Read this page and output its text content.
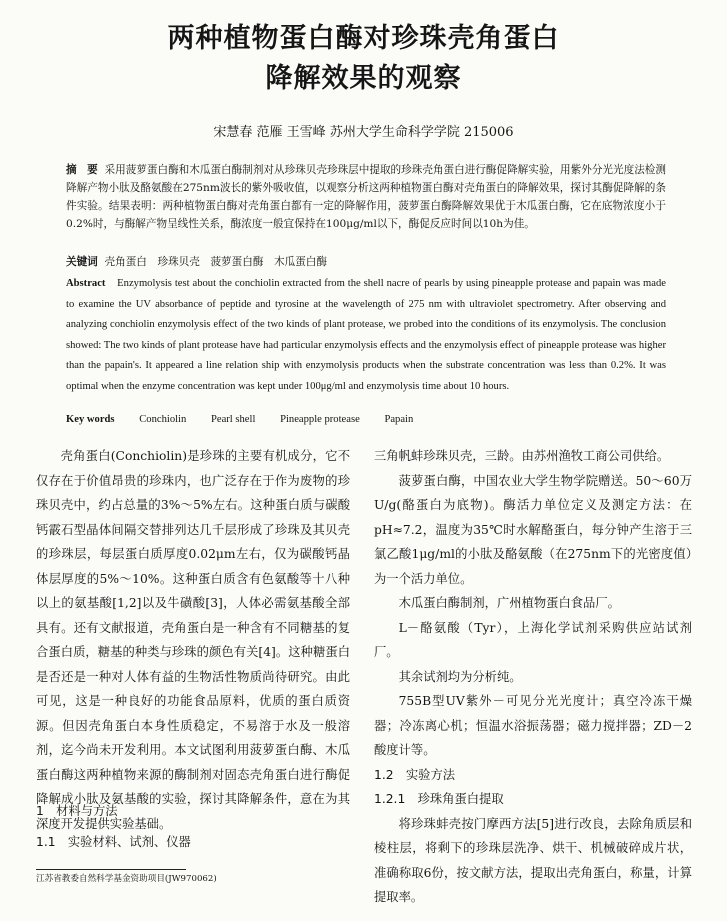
两种植物蛋白酶对珍珠壳角蛋白
降解效果的观察

宋慧春 范雁 王雪峰 苏州大学生命科学学院 215006

摘　要 采用菠萝蛋白酶和木瓜蛋白酶制剂对从珍珠贝壳珍珠层中提取的珍珠壳角蛋白进行酶促降解实验，用紫外分光光度法检测降解产物小肽及酪氨酸在275nm波长的紫外吸收值，以观察分析这两种植物蛋白酶对壳角蛋白的降解效果，探讨其酶促降解的条件实验。结果表明：两种植物蛋白酶对壳角蛋白都有一定的降解作用，菠萝蛋白酶降解效果优于木瓜蛋白酶，它在底物浓度小于0.2%时，与酶解产物呈线性关系，酶浓度一般宜保持在100μg/ml以下，酶促反应时间以10h为佳。
关键词 壳角蛋白　珍珠贝壳　菠萝蛋白酶　木瓜蛋白酶
Abstract Enzymolysis test about the conchiolin extracted from the shell nacre of pearls by using pineapple protease and papain was made to examine the UV absorbance of peptide and tyrosine at the wavelength of 275 nm with ultraviolet spectrometry. After observing and analyzing conchiolin enzymolysis effect of the two kinds of plant protease, we probed into the conditions of its enzymolysis. The conclusion showed: The two kinds of plant protease have had particular enzymolysis effects and the enzymolysis effect of pineapple protease was higher than the papain's. It appeared a line relation ship with enzymolysis products when the substrate concentration was less than 0.2%. It was optimal when the enzyme concentration was kept under 100μg/ml and enzymolysis time about 10 hours.
Key words Conchiolin Pearl shell Pineapple protease Papain

壳角蛋白(Conchiolin)是珍珠的主要有机成分，它不仅存在于价值昂贵的珍珠内，也广泛存在于作为废物的珍珠贝壳中，约占总量的3%～5%左右。这种蛋白质与碳酸钙霰石型晶体间隔交替排列达几千层形成了珍珠及其贝壳的珍珠层，每层蛋白质厚度0.02μm左右，仅为碳酸钙晶体层厚度的5%～10%。这种蛋白质含有色氨酸等十八种以上的氨基酸[1,2]以及牛磺酸[3]，人体必需氨基酸全部具有。还有文献报道，壳角蛋白是一种含有不同糖基的复合蛋白质，糖基的种类与珍珠的颜色有关[4]。这种糖蛋白是否还是一种对人体有益的生物活性物质尚待研究。由此可见，这是一种良好的功能食品原料，优质的蛋白质资源。但因壳角蛋白本身性质稳定，不易溶于水及一般溶剂，迄今尚未开发利用。本文试图利用菠萝蛋白酶、木瓜蛋白酶这两种植物来源的酶制剂对固态壳角蛋白进行酶促降解成小肽及氨基酸的实验，探讨其降解条件，意在为其深度开发提供实验基础。

1　材料与方法

1.1　实验材料、试剂、仪器

江苏省教委自然科学基金资助项目(JW970062)

三角帆蚌珍珠贝壳，三龄。由苏州渔牧工商公司供给。

菠萝蛋白酶，中国农业大学生物学院赠送。50～60万U/g(酪蛋白为底物)。酶活力单位定义及测定方法：在pH≈7.2，温度为35℃时水解酪蛋白，每分钟产生溶于三氯乙酸1μg/ml的小肽及酪氨酸（在275nm下的光密度值）为一个活力单位。

木瓜蛋白酶制剂，广州植物蛋白食品厂。

L－酪氨酸（Tyr），上海化学试剂采购供应站试剂厂。

其余试剂均为分析纯。

755B型UV紫外－可见分光光度计；真空冷冻干燥器；冷冻离心机；恒温水浴振荡器；磁力搅拌器；ZD－2酸度计等。

1.2　实验方法

1.2.1　珍珠角蛋白提取

将珍珠蚌壳按门摩西方法[5]进行改良，去除角质层和棱柱层，将剩下的珍珠层洗净、烘干、机械破碎成片状，准确称取6份，按文献方法，提取出壳角蛋白，称量，计算提取率。
